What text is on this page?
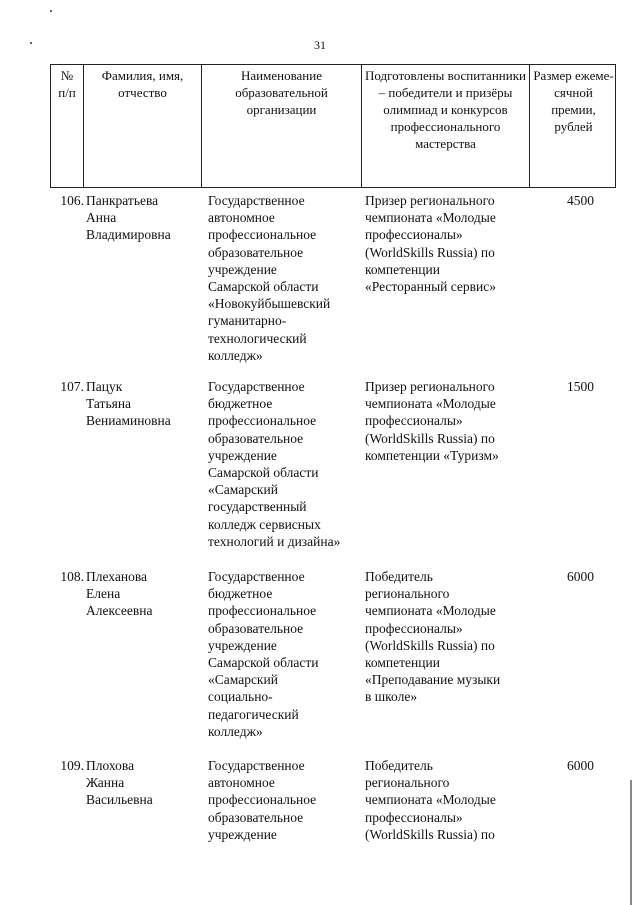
31
№ п/п
Фамилия, имя, отчество
Наименование образовательной организации
Подготовлены воспитанники – победители и призёры олимпиад и конкурсов профессионального мастерства
Размер ежеме-сячной премии, рублей
106. Панкратьева
Анна
Владимировна
Государственное
автономное
профессиональное
образовательное
учреждение
Самарской области
«Новокуйбышевский
гуманитарно-
технологический
колледж»
Призер регионального
чемпионата «Молодые
профессионалы»
(WorldSkills Russia) по
компетенции
«Ресторанный сервис»
4500
107. Пацук
Татьяна
Вениаминовна
Государственное
бюджетное
профессиональное
образовательное
учреждение
Самарской области
«Самарский
государственный
колледж сервисных
технологий и дизайна»
Призер регионального
чемпионата «Молодые
профессионалы»
(WorldSkills Russia) по
компетенции «Туризм»
1500
108. Плеханова
Елена
Алексеевна
Государственное
бюджетное
профессиональное
образовательное
учреждение
Самарской области
«Самарский
социально-
педагогический
колледж»
Победитель
регионального
чемпионата «Молодые
профессионалы»
(WorldSkills Russia) по
компетенции
«Преподавание музыки
в школе»
6000
109. Плохова
Жанна
Васильевна
Государственное
автономное
профессиональное
образовательное
учреждение
Победитель
регионального
чемпионата «Молодые
профессионалы»
(WorldSkills Russia) по
6000
